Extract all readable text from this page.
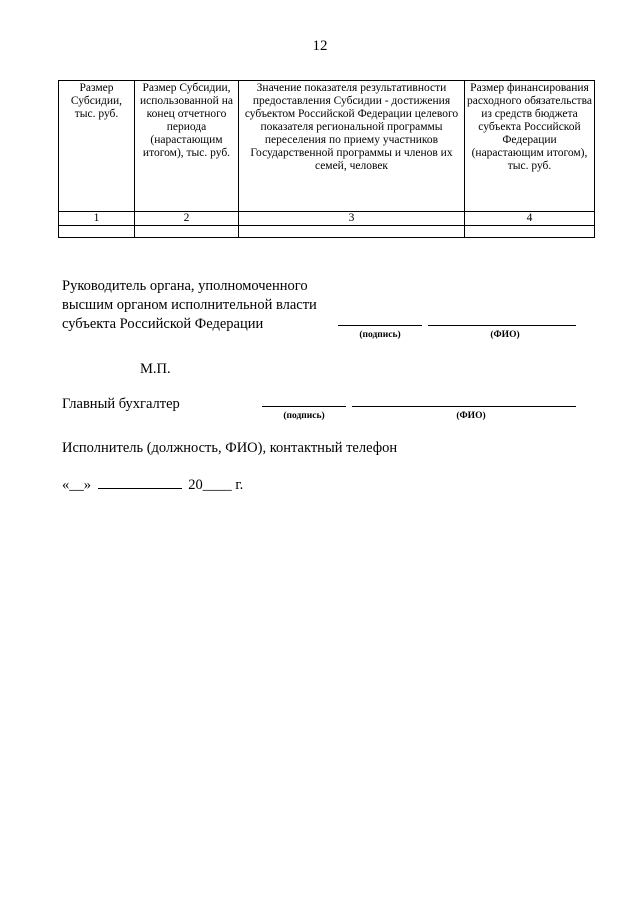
12
Размер Субсидии, тыс. руб.	Размер Субсидии, использованной на конец отчетного периода (нарастающим итогом), тыс. руб.	Значение показателя результативности предоставления Субсидии - достижения субъектом Российской Федерации целевого показателя региональной программы переселения по приему участников Государственной программы и членов их семей, человек	Размер финансирования расходного обязательства из средств бюджета субъекта Российской Федерации (нарастающим итогом), тыс. руб.
1	2	3	4

Руководитель органа, уполномоченного
высшим органом исполнительной власти
субъекта Российской Федерации
(подпись)	(ФИО)
М.П.
Главный бухгалтер
(подпись)	(ФИО)
Исполнитель (должность, ФИО), контактный телефон
«__»	20____ г.
